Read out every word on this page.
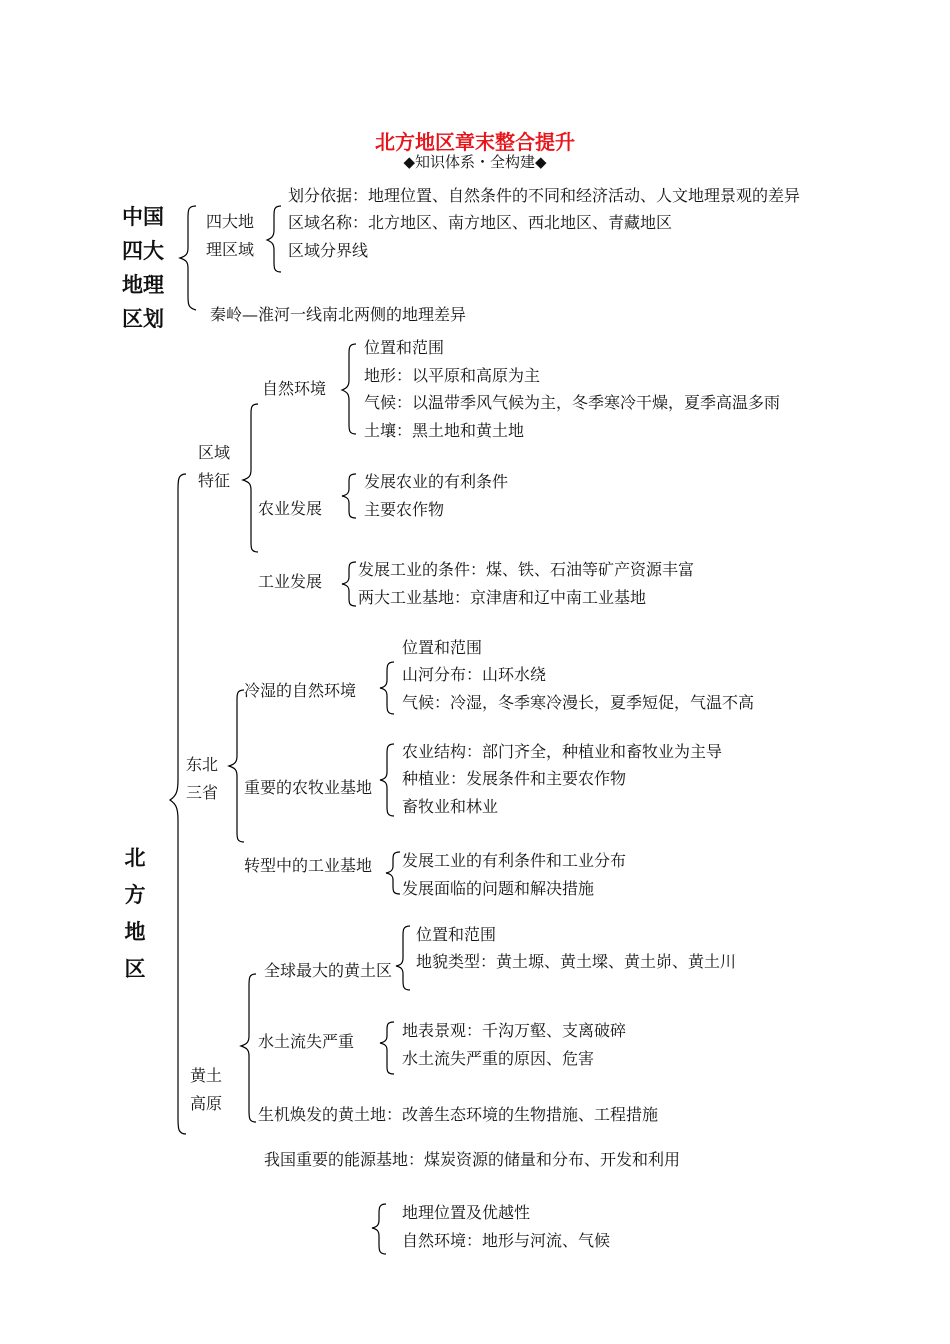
北方地区章末整合提升
◆知识体系・全构建◆
中国四大地理区划
四大地理区域
划分依据：地理位置、自然条件的不同和经济活动、人文地理景观的差异
区域名称：北方地区、南方地区、西北地区、青藏地区
区域分界线
秦岭—淮河一线南北两侧的地理差异
北方地区
区域
特征
自然环境
位置和范围
地形：以平原和高原为主
气候：以温带季风气候为主，冬季寒冷干燥，夏季高温多雨
土壤：黑土地和黄土地
农业发展
发展农业的有利条件
主要农作物
工业发展
发展工业的条件：煤、铁、石油等矿产资源丰富
两大工业基地：京津唐和辽中南工业基地
东北
三省
冷湿的自然环境
位置和范围
山河分布：山环水绕
气候：冷湿，冬季寒冷漫长，夏季短促，气温不高
重要的农牧业基地
农业结构：部门齐全，种植业和畜牧业为主导
种植业：发展条件和主要农作物
畜牧业和林业
转型中的工业基地 发展工业的有利条件和工业分布
发展面临的问题和解决措施
黄土
高原
全球最大的黄土区
位置和范围
地貌类型：黄土塬、黄土墚、黄土峁、黄土川
水土流失严重
地表景观：千沟万壑、支离破碎
水土流失严重的原因、危害
生机焕发的黄土地：改善生态环境的生物措施、工程措施
我国重要的能源基地：煤炭资源的储量和分布、开发和利用
地理位置及优越性
自然环境：地形与河流、气候
